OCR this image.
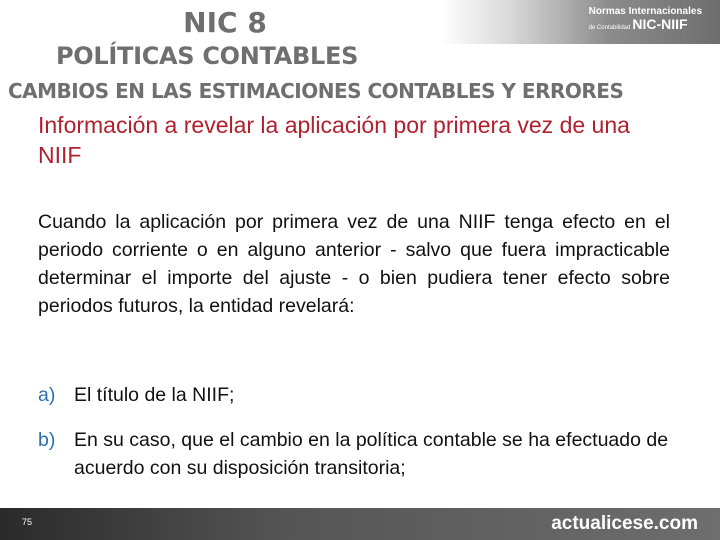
Normas Internacionales
de Contabilidad NIC-NIIF
NIC 8
POLÍTICAS CONTABLES
CAMBIOS EN LAS ESTIMACIONES CONTABLES Y ERRORES

Información a revelar la aplicación por primera vez de una NIIF

Cuando la aplicación por primera vez de una NIIF tenga efecto en el periodo corriente o en alguno anterior - salvo que fuera impracticable determinar el importe del ajuste - o bien pudiera tener efecto sobre periodos futuros, la entidad revelará:

a) El título de la NIIF;
b) En su caso, que el cambio en la política contable se ha efectuado de acuerdo con su disposición transitoria;
75	actualicese.com
